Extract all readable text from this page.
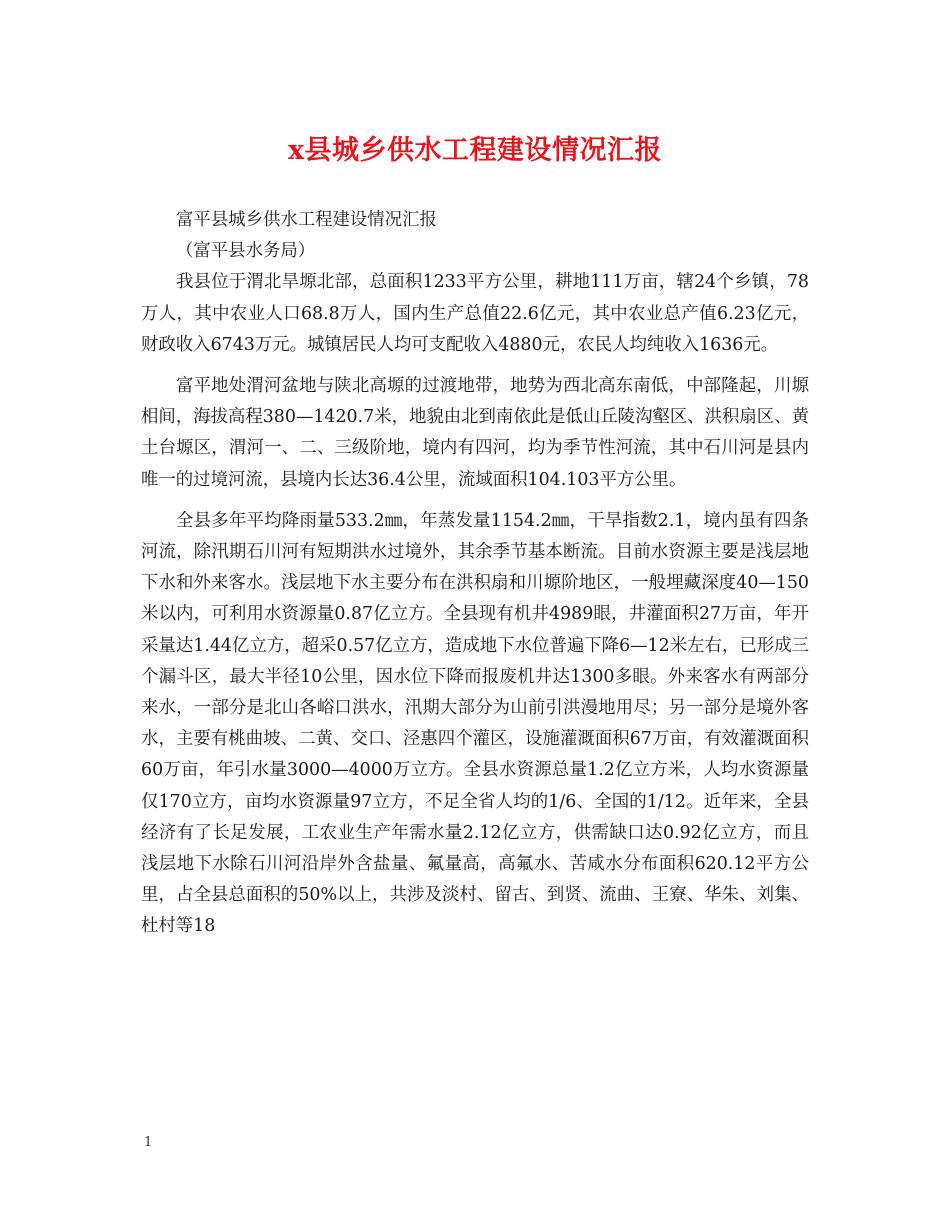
x县城乡供水工程建设情况汇报

富平县城乡供水工程建设情况汇报

（富平县水务局）

我县位于渭北旱塬北部，总面积1233平方公里，耕地111万亩，辖24个乡镇，78万人，其中农业人口68.8万人，国内生产总值22.6亿元，其中农业总产值6.23亿元，财政收入6743万元。城镇居民人均可支配收入4880元，农民人均纯收入1636元。

富平地处渭河盆地与陕北高塬的过渡地带，地势为西北高东南低，中部隆起，川塬相间，海拔高程380—1420.7米，地貌由北到南依此是低山丘陵沟壑区、洪积扇区、黄土台塬区，渭河一、二、三级阶地，境内有四河，均为季节性河流，其中石川河是县内唯一的过境河流，县境内长达36.4公里，流域面积104.103平方公里。

全县多年平均降雨量533.2㎜，年蒸发量1154.2㎜，干旱指数2.1，境内虽有四条河流，除汛期石川河有短期洪水过境外，其余季节基本断流。目前水资源主要是浅层地下水和外来客水。浅层地下水主要分布在洪积扇和川塬阶地区，一般埋藏深度40—150米以内，可利用水资源量0.87亿立方。全县现有机井4989眼，井灌面积27万亩，年开采量达1.44亿立方，超采0.57亿立方，造成地下水位普遍下降6—12米左右，已形成三个漏斗区，最大半径10公里，因水位下降而报废机井达1300多眼。外来客水有两部分来水，一部分是北山各峪口洪水，汛期大部分为山前引洪漫地用尽；另一部分是境外客水，主要有桃曲坡、二黄、交口、泾惠四个灌区，设施灌溉面积67万亩，有效灌溉面积60万亩，年引水量3000—4000万立方。全县水资源总量1.2亿立方米，人均水资源量仅170立方，亩均水资源量97立方，不足全省人均的1/6、全国的1/12。近年来，全县经济有了长足发展，工农业生产年需水量2.12亿立方，供需缺口达0.92亿立方，而且浅层地下水除石川河沿岸外含盐量、氟量高，高氟水、苦咸水分布面积620.12平方公里，占全县总面积的50%以上，共涉及淡村、留古、到贤、流曲、王寮、华朱、刘集、杜村等18

1
